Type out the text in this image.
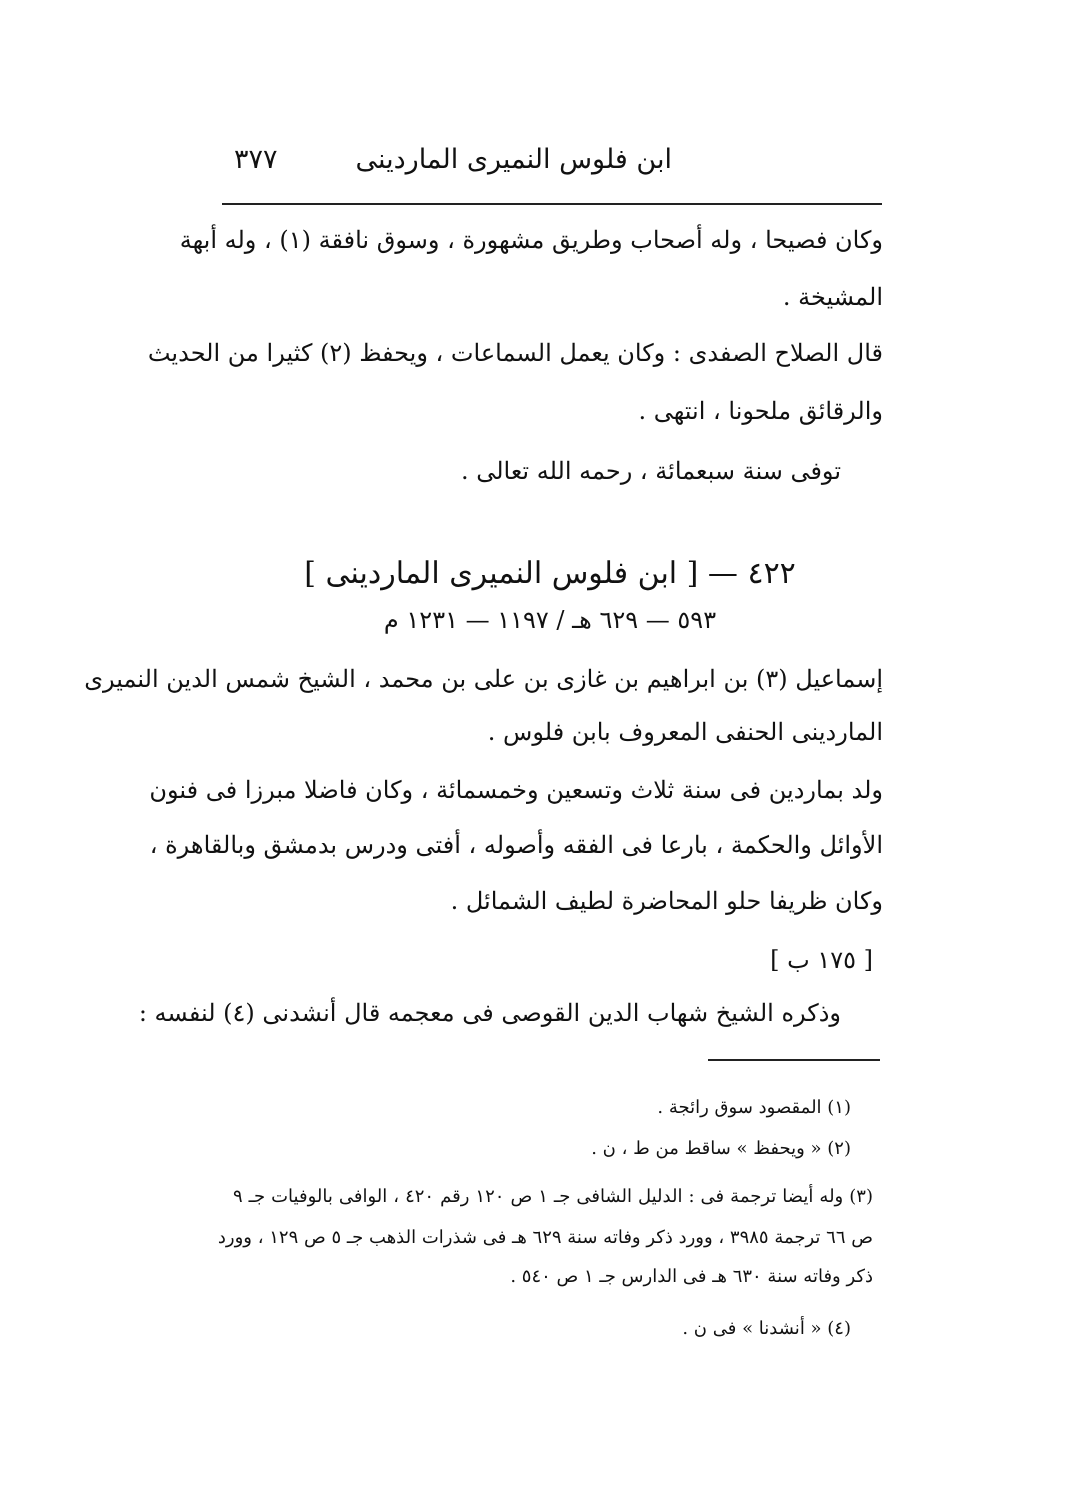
ابن فلوس النميرى الماردينى
٣٧٧
وكان فصيحا ، وله أصحاب وطريق مشهورة ، وسوق نافقة (١) ، وله أبهة
المشيخة .
قال الصلاح الصفدى : وكان يعمل السماعات ، ويحفظ (٢) كثيرا من الحديث
والرقائق ملحونا ، انتهى .
توفى سنة سبعمائة ، رحمه الله تعالى .
٤٢٢ — [ ابن فلوس النميرى الماردينى ]
٥٩٣ — ٦٢٩ هـ / ١١٩٧ — ١٢٣١ م
إسماعيل (٣) بن ابراهيم بن غازى بن على بن محمد ، الشيخ شمس الدين النميرى
الماردينى الحنفى المعروف بابن فلوس .
ولد بماردين فى سنة ثلاث وتسعين وخمسمائة ، وكان فاضلا مبرزا فى فنون
الأوائل والحكمة ، بارعا فى الفقه وأصوله ، أفتى ودرس بدمشق وبالقاهرة ،
وكان ظريفا حلو المحاضرة لطيف الشمائل .
[ ١٧٥ ب ]
وذكره الشيخ شهاب الدين القوصى فى معجمه قال أنشدنى (٤) لنفسه :
(١) المقصود سوق رائجة .
(٢) « ويحفظ » ساقط من ط ، ن .
(٣) وله أيضا ترجمة فى : الدليل الشافى جـ ١ ص ١٢٠ رقم ٤٢٠ ، الوافى بالوفيات جـ ٩
ص ٦٦ ترجمة ٣٩٨٥ ، وورد ذكر وفاته سنة ٦٢٩ هـ فى شذرات الذهب جـ ٥ ص ١٢٩ ، وورد
ذكر وفاته سنة ٦٣٠ هـ فى الدارس جـ ١ ص ٥٤٠ .
(٤) « أنشدنا » فى ن .
